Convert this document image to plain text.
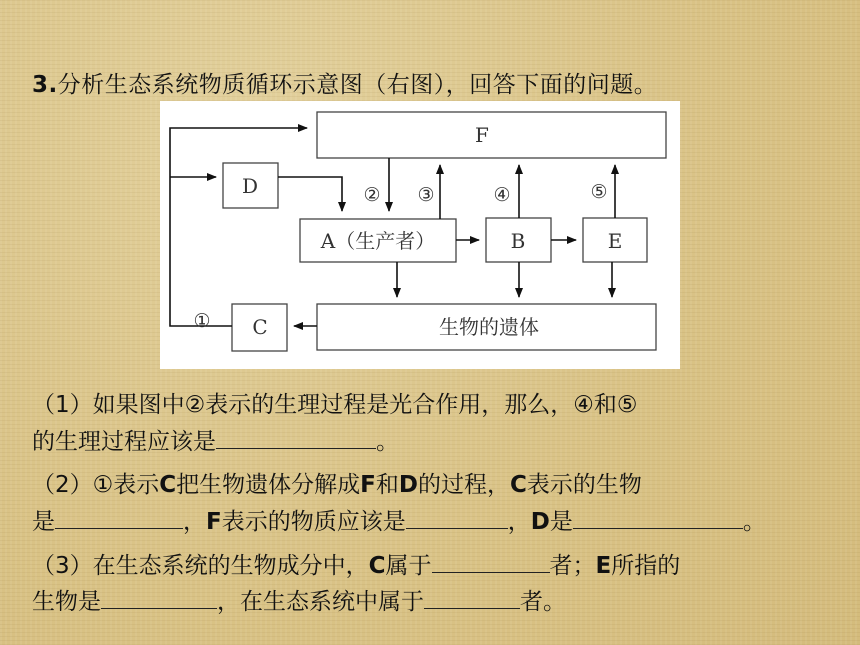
3.分析生态系统物质循环示意图（右图），回答下面的问题。
F
D
A（生产者）	B	E
C	生物的遗体
①
② ③	④	⑤
（1）如果图中②表示的生理过程是光合作用，那么，④和⑤
的生理过程应该是	。
（2）①表示C把生物遗体分解成F和D的过程，C表示的生物
是	，F表示的物质应该是	，D是	。
（3）在生态系统的生物成分中，C属于	者；E所指的
生物是	，在生态系统中属于	者。
